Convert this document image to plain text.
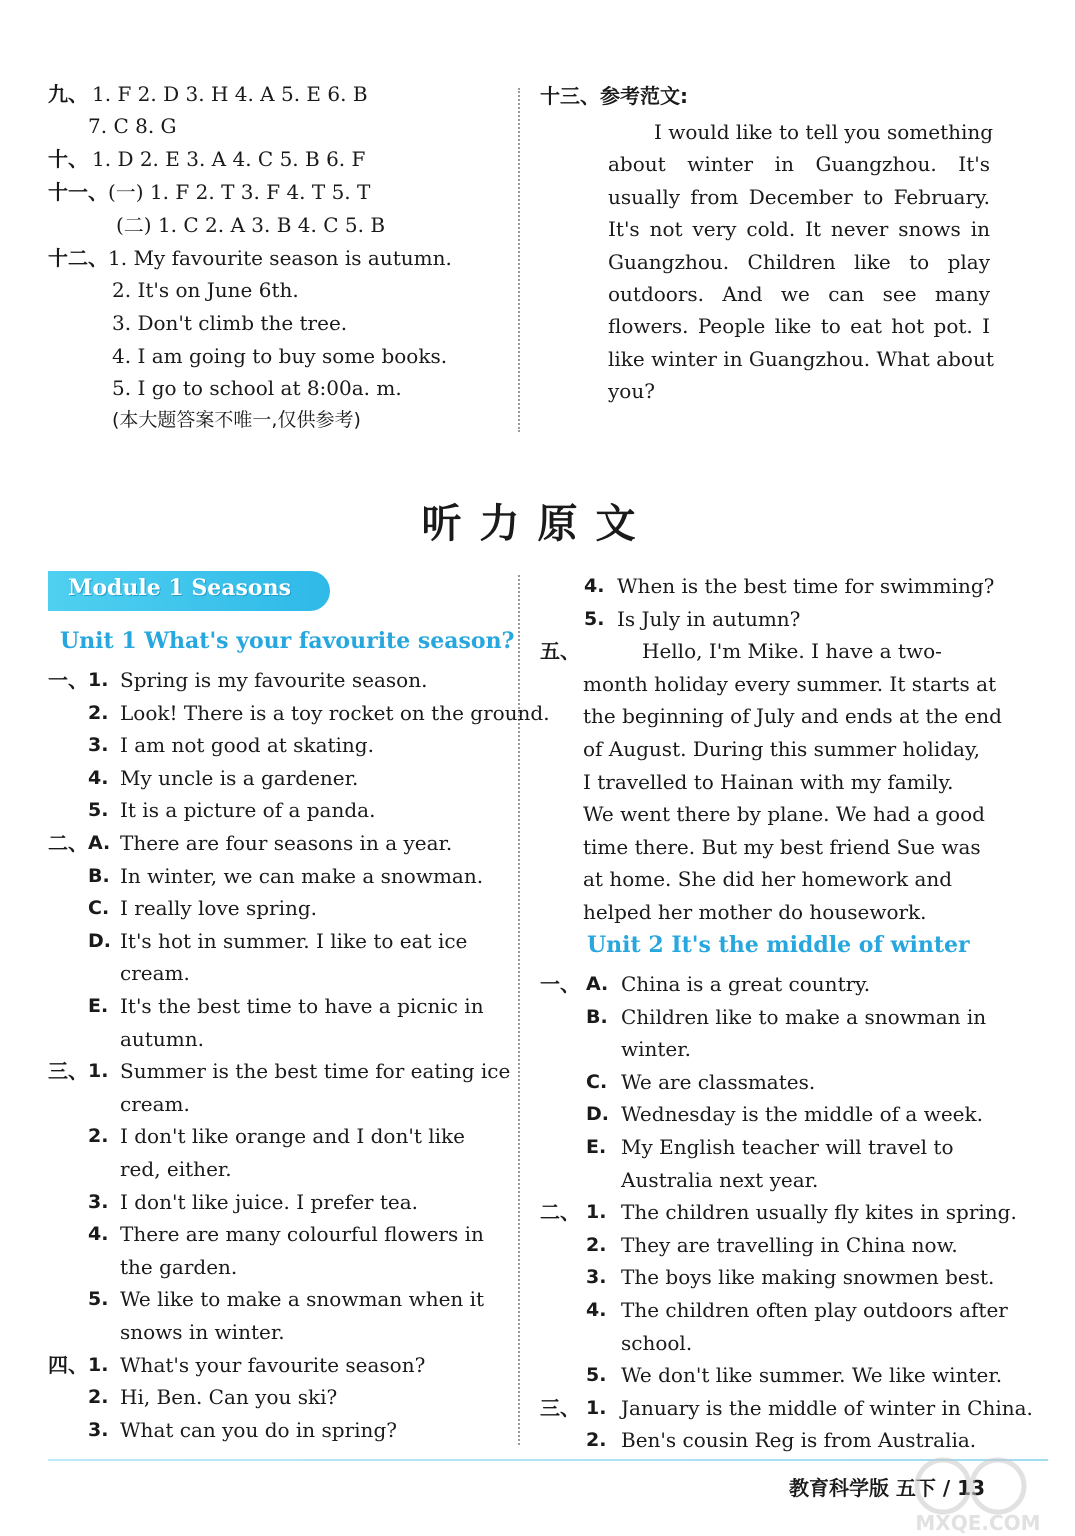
九、 1. F 2. D 3. H 4. A 5. E 6. B
7. C 8. G
十、 1. D 2. E 3. A 4. C 5. B 6. F
十一、(一) 1. F 2. T 3. F 4. T 5. T
(二) 1. C 2. A 3. B 4. C 5. B
十二、1. My favourite season is autumn.
2. It's on June 6th.
3. Don't climb the tree.
4. I am going to buy some books.
5. I go to school at 8:00a. m.
(本大题答案不唯一,仅供参考)
十三、参考范文:
I would like to tell you something
about winter in Guangzhou. It's
usually from December to February.
It's not very cold. It never snows in
Guangzhou. Children like to play
outdoors. And we can see many
flowers. People like to eat hot pot. I
like winter in Guangzhou. What about
you?
听力原文
Module 1 Seasons
Unit 1 What's your favourite season?
一、 1. Spring is my favourite season.
2. Look! There is a toy rocket on the ground.
3. I am not good at skating.
4. My uncle is a gardener.
5. It is a picture of a panda.
二、 A. There are four seasons in a year.
B. In winter, we can make a snowman.
C. I really love spring.
D. It's hot in summer. I like to eat ice
cream.
E. It's the best time to have a picnic in
autumn.
三、 1. Summer is the best time for eating ice
cream.
2. I don't like orange and I don't like
red, either.
3. I don't like juice. I prefer tea.
4. There are many colourful flowers in
the garden.
5. We like to make a snowman when it
snows in winter.
四、 1. What's your favourite season?
2. Hi, Ben. Can you ski?
3. What can you do in spring?
4. When is the best time for swimming?
5. Is July in autumn?
五、	Hello, I'm Mike. I have a two-
month holiday every summer. It starts at
the beginning of July and ends at the end
of August. During this summer holiday,
I travelled to Hainan with my family.
We went there by plane. We had a good
time there. But my best friend Sue was
at home. She did her homework and
helped her mother do housework.
Unit 2 It's the middle of winter
一、 A. China is a great country.
B. Children like to make a snowman in
winter.
C. We are classmates.
D. Wednesday is the middle of a week.
E. My English teacher will travel to
Australia next year.
二、 1. The children usually fly kites in spring.
2. They are travelling in China now.
3. The boys like making snowmen best.
4. The children often play outdoors after
school.
5. We don't like summer. We like winter.
三、 1. January is the middle of winter in China.
2. Ben's cousin Reg is from Australia.
教育科学版 五下 / 13
MXQE.COM
